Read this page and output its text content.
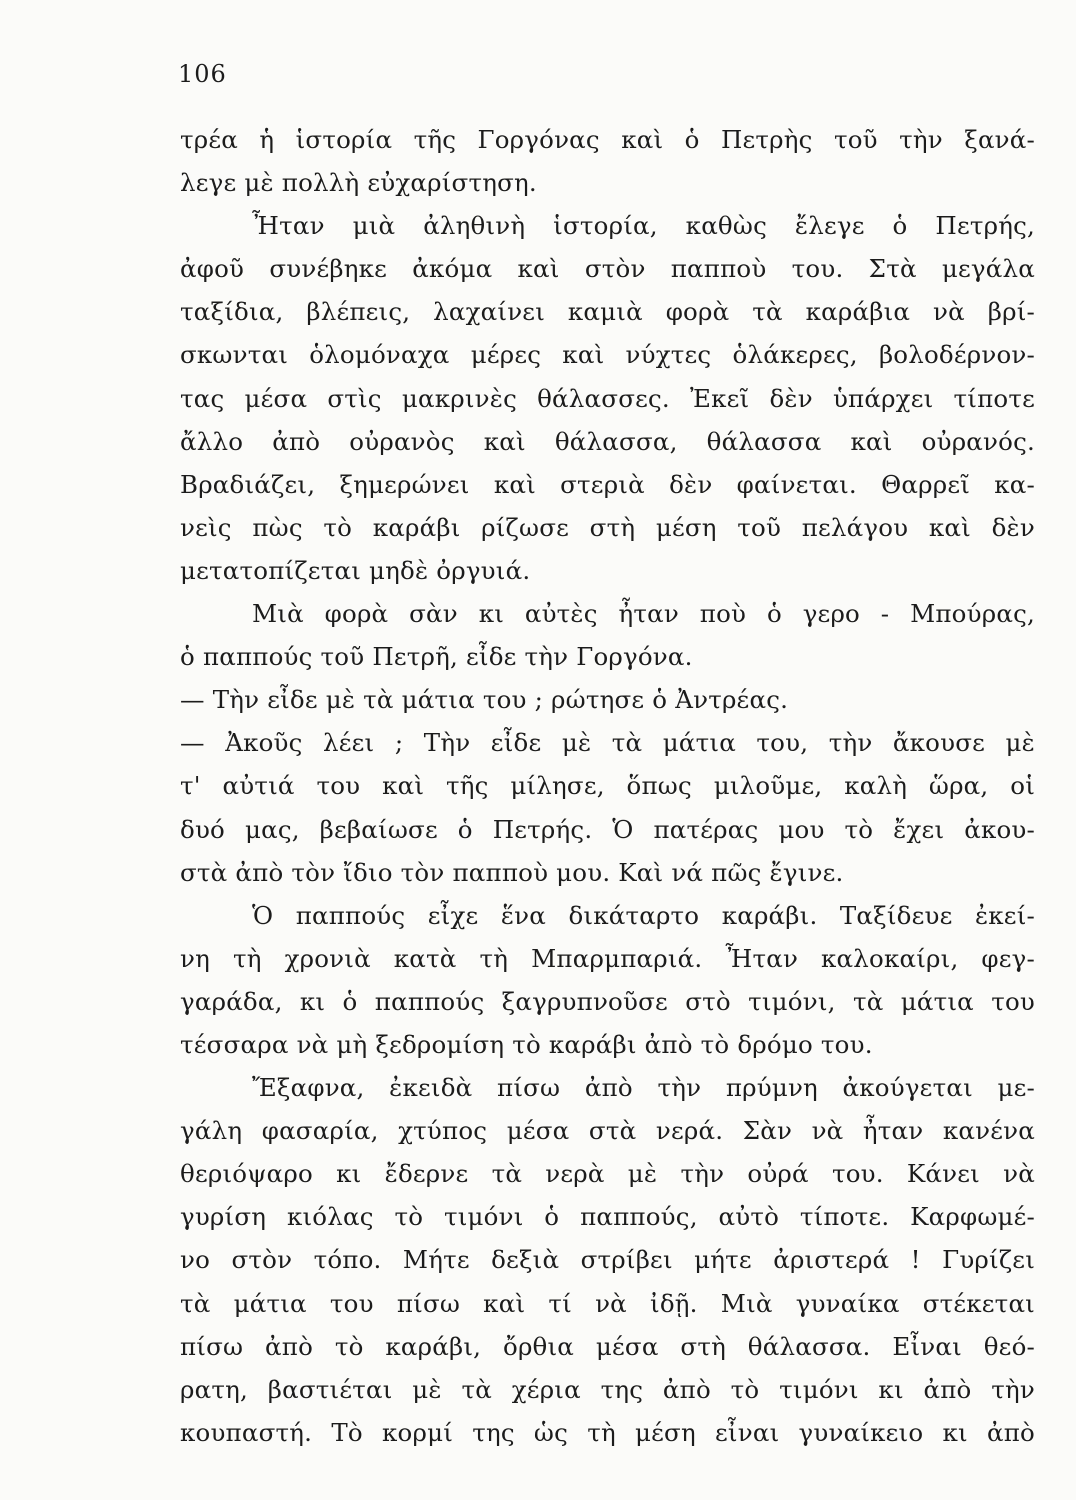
106

τρέα ἡ ἱστορία τῆς Γοργόνας καὶ ὁ Πετρὴς τοῦ τὴν ξανά-
λεγε μὲ πολλὴ εὐχαρίστηση.
Ἦταν μιὰ ἀληθινὴ ἱστορία, καθὼς ἔλεγε ὁ Πετρής,
ἀφοῦ συνέβηκε ἀκόμα καὶ στὸν παπποὺ του. Στὰ μεγάλα
ταξίδια, βλέπεις, λαχαίνει καμιὰ φορὰ τὰ καράβια νὰ βρί-
σκωνται ὁλομόναχα μέρες καὶ νύχτες ὁλάκερες, βολοδέρνον-
τας μέσα στὶς μακρινὲς θάλασσες. Ἐκεῖ δὲν ὑπάρχει τίποτε
ἄλλο ἀπὸ οὐρανὸς καὶ θάλασσα, θάλασσα καὶ οὐρανός.
Βραδιάζει, ξημερώνει καὶ στεριὰ δὲν φαίνεται. Θαρρεῖ κα-
νεὶς πὼς τὸ καράβι ρίζωσε στὴ μέση τοῦ πελάγου καὶ δὲν
μετατοπίζεται μηδὲ ὀργυιά.
Μιὰ φορὰ σὰν κι αὐτὲς ἦταν ποὺ ὁ γερο - Μπούρας,
ὁ παππούς τοῦ Πετρῆ, εἶδε τὴν Γοργόνα.
— Τὴν εἶδε μὲ τὰ μάτια του ; ρώτησε ὁ Ἀντρέας.
— Ἀκοῦς λέει ; Τὴν εἶδε μὲ τὰ μάτια του, τὴν ἄκουσε μὲ
τ' αὐτιά του καὶ τῆς μίλησε, ὅπως μιλοῦμε, καλὴ ὥρα, οἱ
δυό μας, βεβαίωσε ὁ Πετρής. Ὁ πατέρας μου τὸ ἔχει ἀκου-
στὰ ἀπὸ τὸν ἴδιο τὸν παπποὺ μου. Καὶ νά πῶς ἔγινε.
Ὁ παππούς εἶχε ἕνα δικάταρτο καράβι. Ταξίδευε ἐκεί-
νη τὴ χρονιὰ κατὰ τὴ Μπαρμπαριά. Ἦταν καλοκαίρι, φεγ-
γαράδα, κι ὁ παππούς ξαγρυπνοῦσε στὸ τιμόνι, τὰ μάτια του
τέσσαρα νὰ μὴ ξεδρομίση τὸ καράβι ἀπὸ τὸ δρόμο του.
Ἔξαφνα, ἐκειδὰ πίσω ἀπὸ τὴν πρύμνη ἀκούγεται με-
γάλη φασαρία, χτύπος μέσα στὰ νερά. Σὰν νὰ ἦταν κανένα
θεριόψαρο κι ἔδερνε τὰ νερὰ μὲ τὴν οὐρά του. Κάνει νὰ
γυρίση κιόλας τὸ τιμόνι ὁ παππούς, αὐτὸ τίποτε. Καρφωμέ-
νο στὸν τόπο. Μήτε δεξιὰ στρίβει μήτε ἀριστερά ! Γυρίζει
τὰ μάτια του πίσω καὶ τί νὰ ἰδῇ. Μιὰ γυναίκα στέκεται
πίσω ἀπὸ τὸ καράβι, ὄρθια μέσα στὴ θάλασσα. Εἶναι θεό-
ρατη, βαστιέται μὲ τὰ χέρια της ἀπὸ τὸ τιμόνι κι ἀπὸ τὴν
κουπαστή. Τὸ κορμί της ὡς τὴ μέση εἶναι γυναίκειο κι ἀπὸ
